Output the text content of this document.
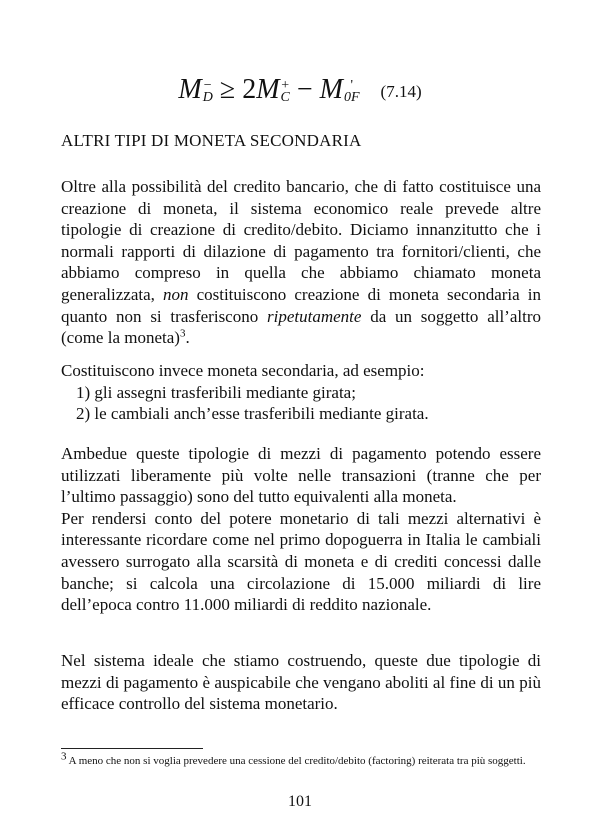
M −
D ≥ 2M +
C − M '
0F (7.14)
ALTRI TIPI DI MONETA SECONDARIA
Oltre alla possibilità del credito bancario, che di fatto costituisce una creazione di moneta, il sistema economico reale prevede altre tipologie di creazione di credito/debito. Diciamo innanzitutto che i normali rapporti di dilazione di pagamento tra fornitori/clienti, che abbiamo compreso in quella che abbiamo chiamato moneta generalizzata, non costituiscono creazione di moneta secondaria in quanto non si trasferiscono ripetutamente da un soggetto all’altro (come la moneta)$^3$.
Costituiscono invece moneta secondaria, ad esempio:
1) gli assegni trasferibili mediante girata;
2) le cambiali anch’esse trasferibili mediante girata.
Ambedue queste tipologie di mezzi di pagamento potendo essere utilizzati liberamente più volte nelle transazioni (tranne che per l’ultimo passaggio) sono del tutto equivalenti alla moneta.
Per rendersi conto del potere monetario di tali mezzi alternativi è interessante ricordare come nel primo dopoguerra in Italia le cambiali avessero surrogato alla scarsità di moneta e di crediti concessi dalle banche; si calcola una circolazione di 15.000 miliardi di lire dell’epoca contro 11.000 miliardi di reddito nazionale.
Nel sistema ideale che stiamo costruendo, queste due tipologie di mezzi di pagamento è auspicabile che vengano aboliti al fine di un più efficace controllo del sistema monetario.
$^3$ A meno che non si voglia prevedere una cessione del credito/debito (factoring) reiterata tra più soggetti.
101
